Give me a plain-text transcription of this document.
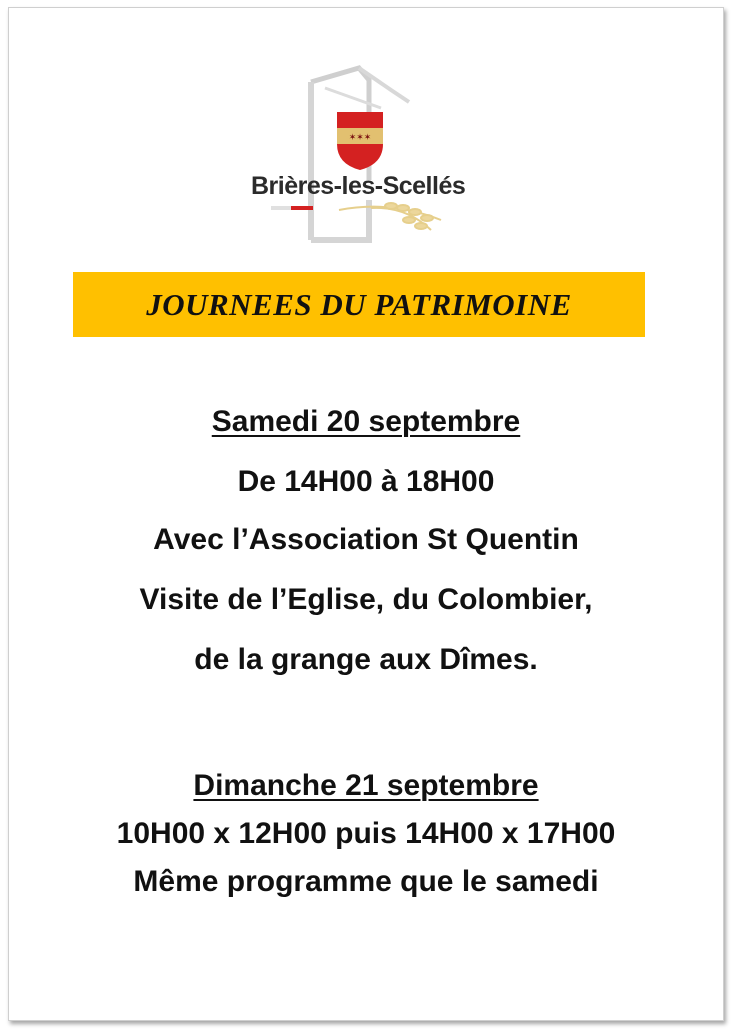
✶✶✶
Brières-les-Scellés
JOURNEES DU PATRIMOINE
Samedi 20 septembre
De 14H00 à 18H00
Avec l’Association St Quentin
Visite de l’Eglise, du Colombier,
de la grange aux Dîmes.
Dimanche 21 septembre
10H00 x 12H00 puis 14H00 x 17H00
Même programme que le samedi
